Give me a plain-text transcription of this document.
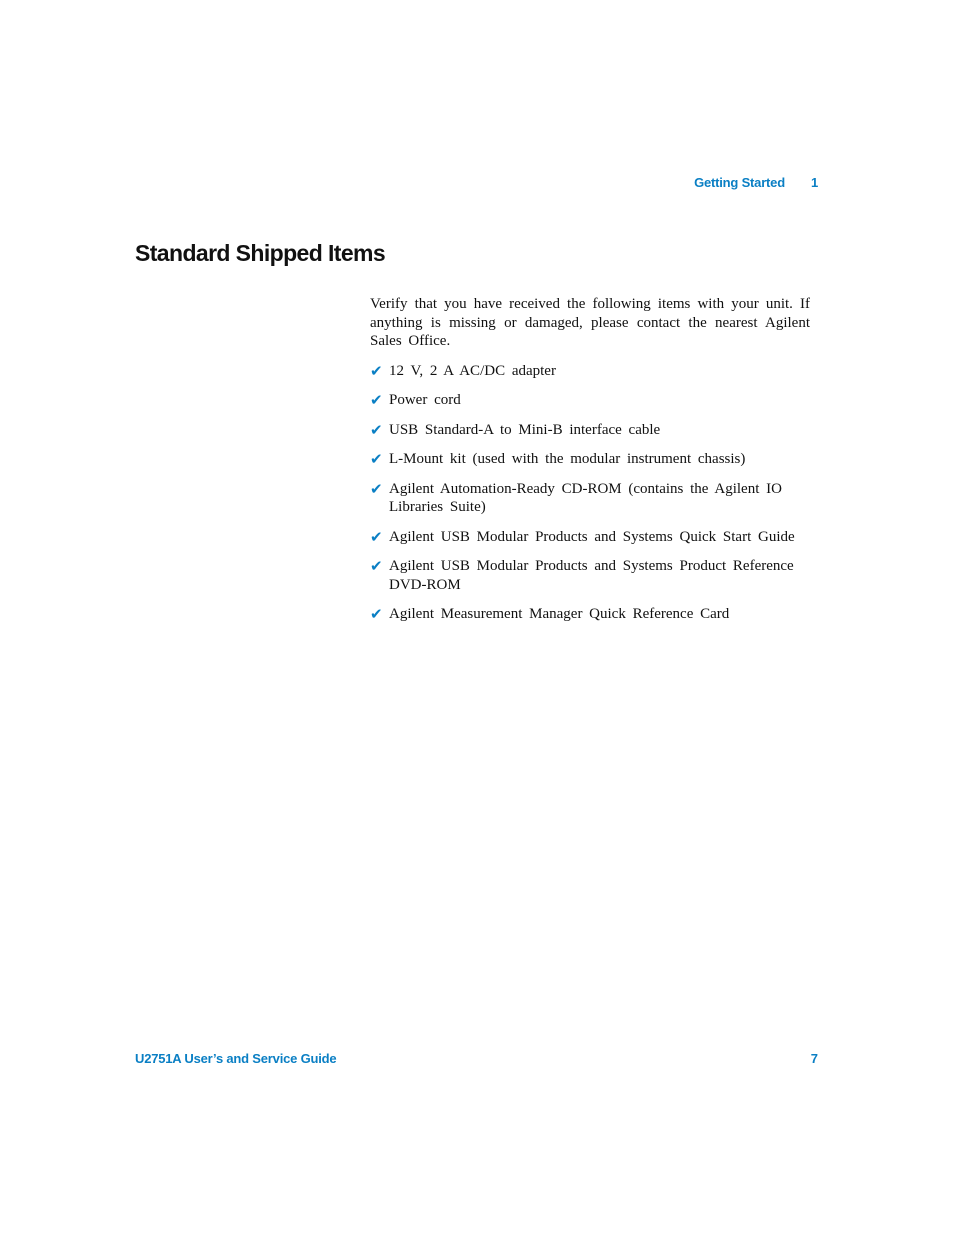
Getting Started 1
Standard Shipped Items

Verify that you have received the following items with your unit. If anything is missing or damaged, please contact the nearest Agilent Sales Office.

✔ 12 V, 2 A AC/DC adapter
✔ Power cord
✔ USB Standard-A to Mini-B interface cable
✔ L-Mount kit (used with the modular instrument chassis)
✔ Agilent Automation-Ready CD-ROM (contains the Agilent IO Libraries Suite)
✔ Agilent USB Modular Products and Systems Quick Start Guide
✔ Agilent USB Modular Products and Systems Product Reference DVD-ROM
✔ Agilent Measurement Manager Quick Reference Card
U2751A User’s and Service Guide	7
